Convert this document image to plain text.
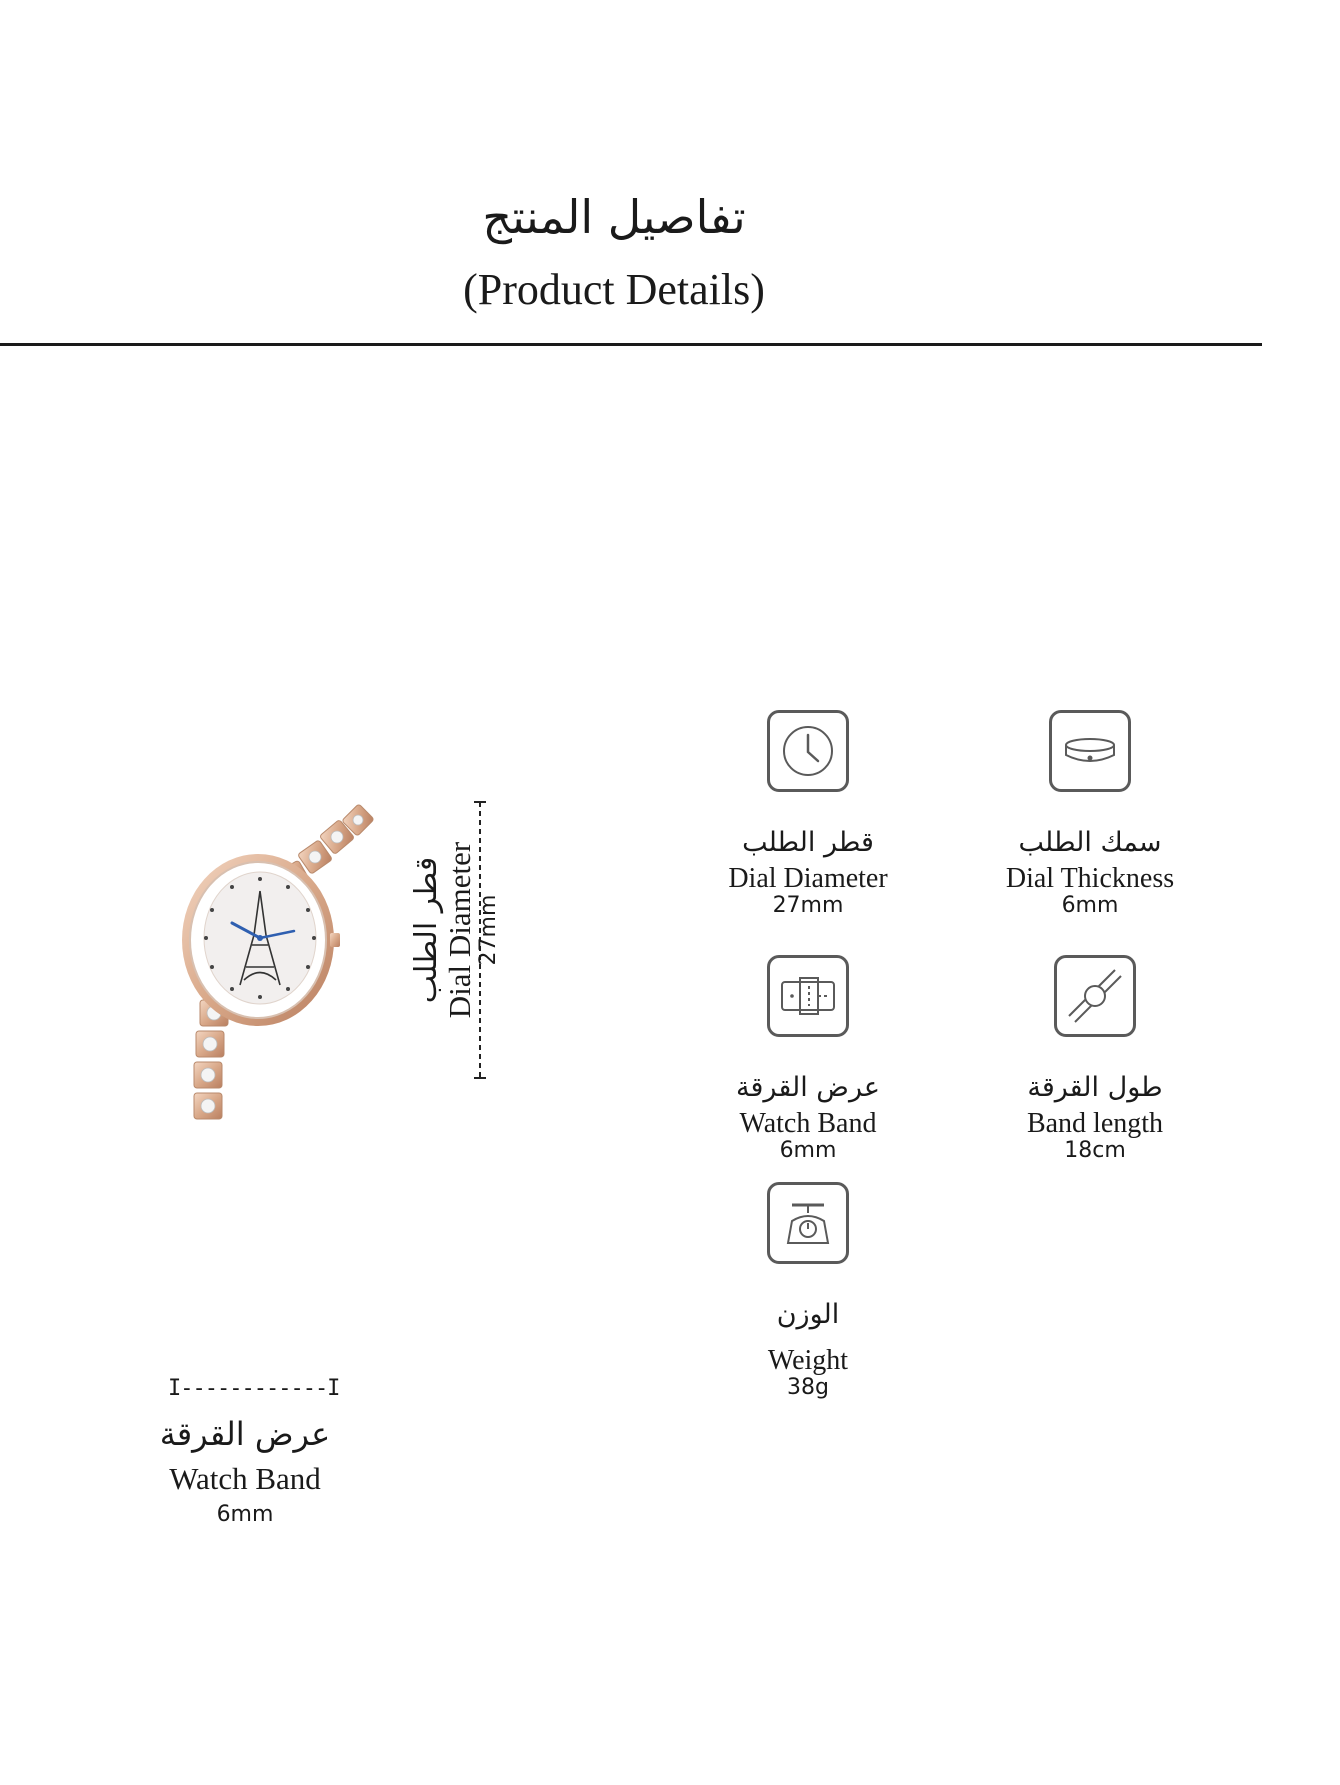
تفاصيل المنتج
(Product Details)
قطر الطلب
Dial Diameter 27mm
قطر الطلب
Dial Diameter
27mm
سمك الطلب
Dial Thickness
6mm
عرض القرقة
Watch Band
6mm
طول القرقة
Band length
18cm
الوزن
Weight
38g
I------------I
عرض القرقة
Watch Band
6mm
